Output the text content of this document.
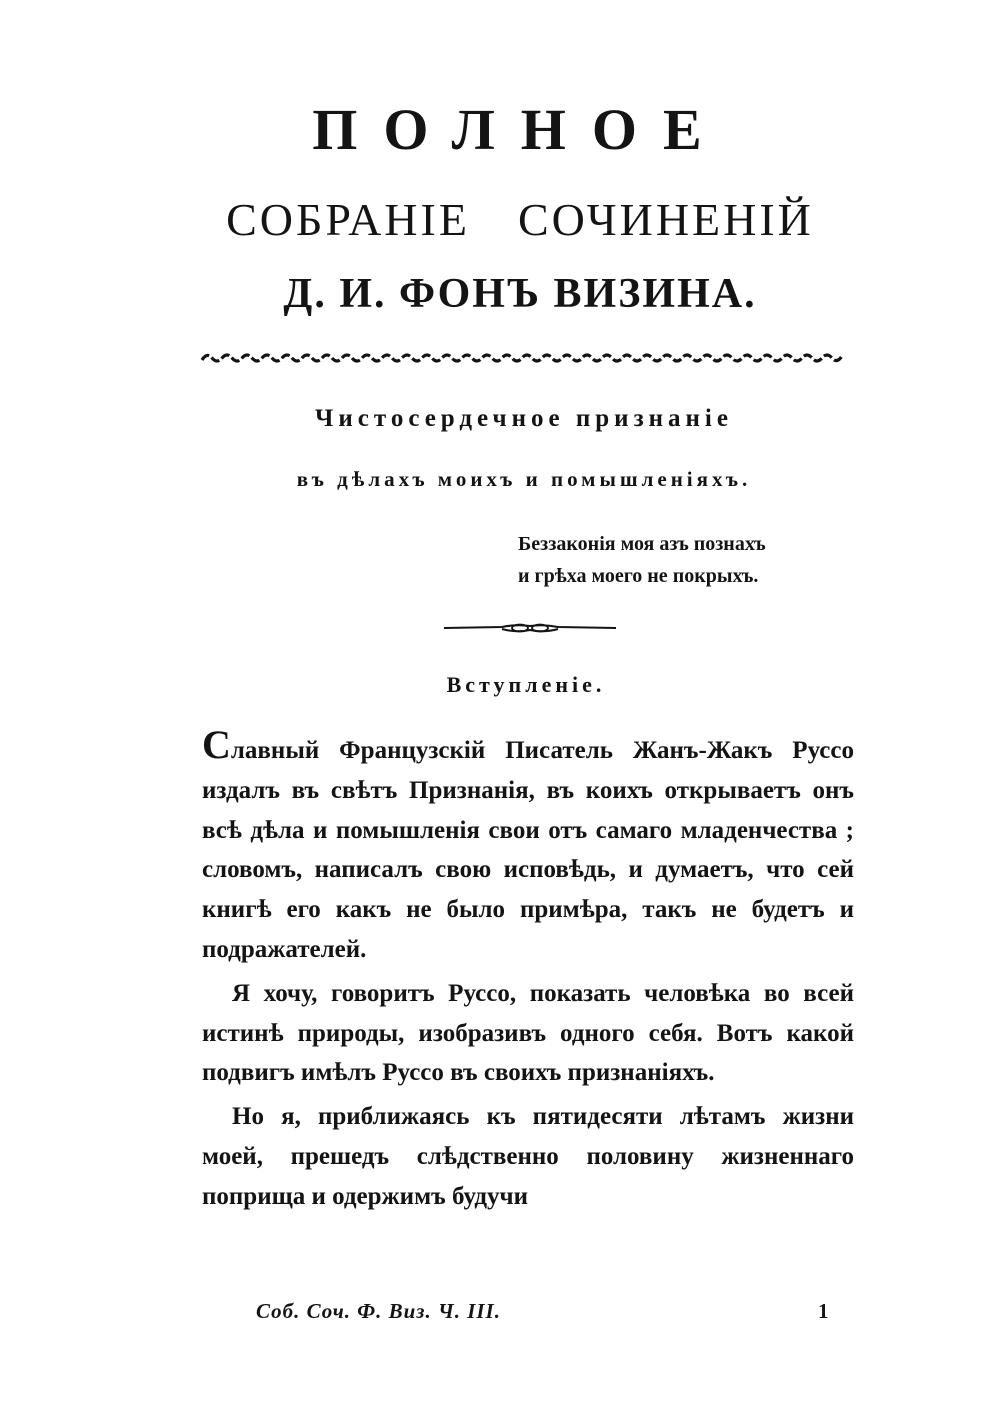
ПОЛНОЕ
СОБРАНIЕ СОЧИНЕНIЙ
Д. И. ФОНЪ ВИЗИНА.
Чистосердечное признанiе
въ дѣлахъ моихъ и помышленiяхъ.
Беззаконiя моя азъ познахъ
и грѣха моего не покрыхъ.
Вступленiе.

Славный Французскiй Писатель Жанъ-Жакъ Руссо издалъ въ свѣтъ Признанiя, въ коихъ открываетъ онъ всѣ дѣла и помышленiя свои отъ самаго младенчества ; словомъ, написалъ свою исповѣдь, и думаетъ, что сей книгѣ его какъ не было примѣра, такъ не будетъ и подражателей.

Я хочу, говоритъ Руссо, показать человѣка во всей истинѣ природы, изобразивъ одного себя. Вотъ какой подвигъ имѣлъ Руссо въ своихъ признанiяхъ.

Но я, приближаясь къ пятидесяти лѣтамъ жизни моей, прешедъ слѣдственно половину жизненнаго поприща и одержимъ будучи

Соб. Соч. Ф. Виз. Ч. III.	1
